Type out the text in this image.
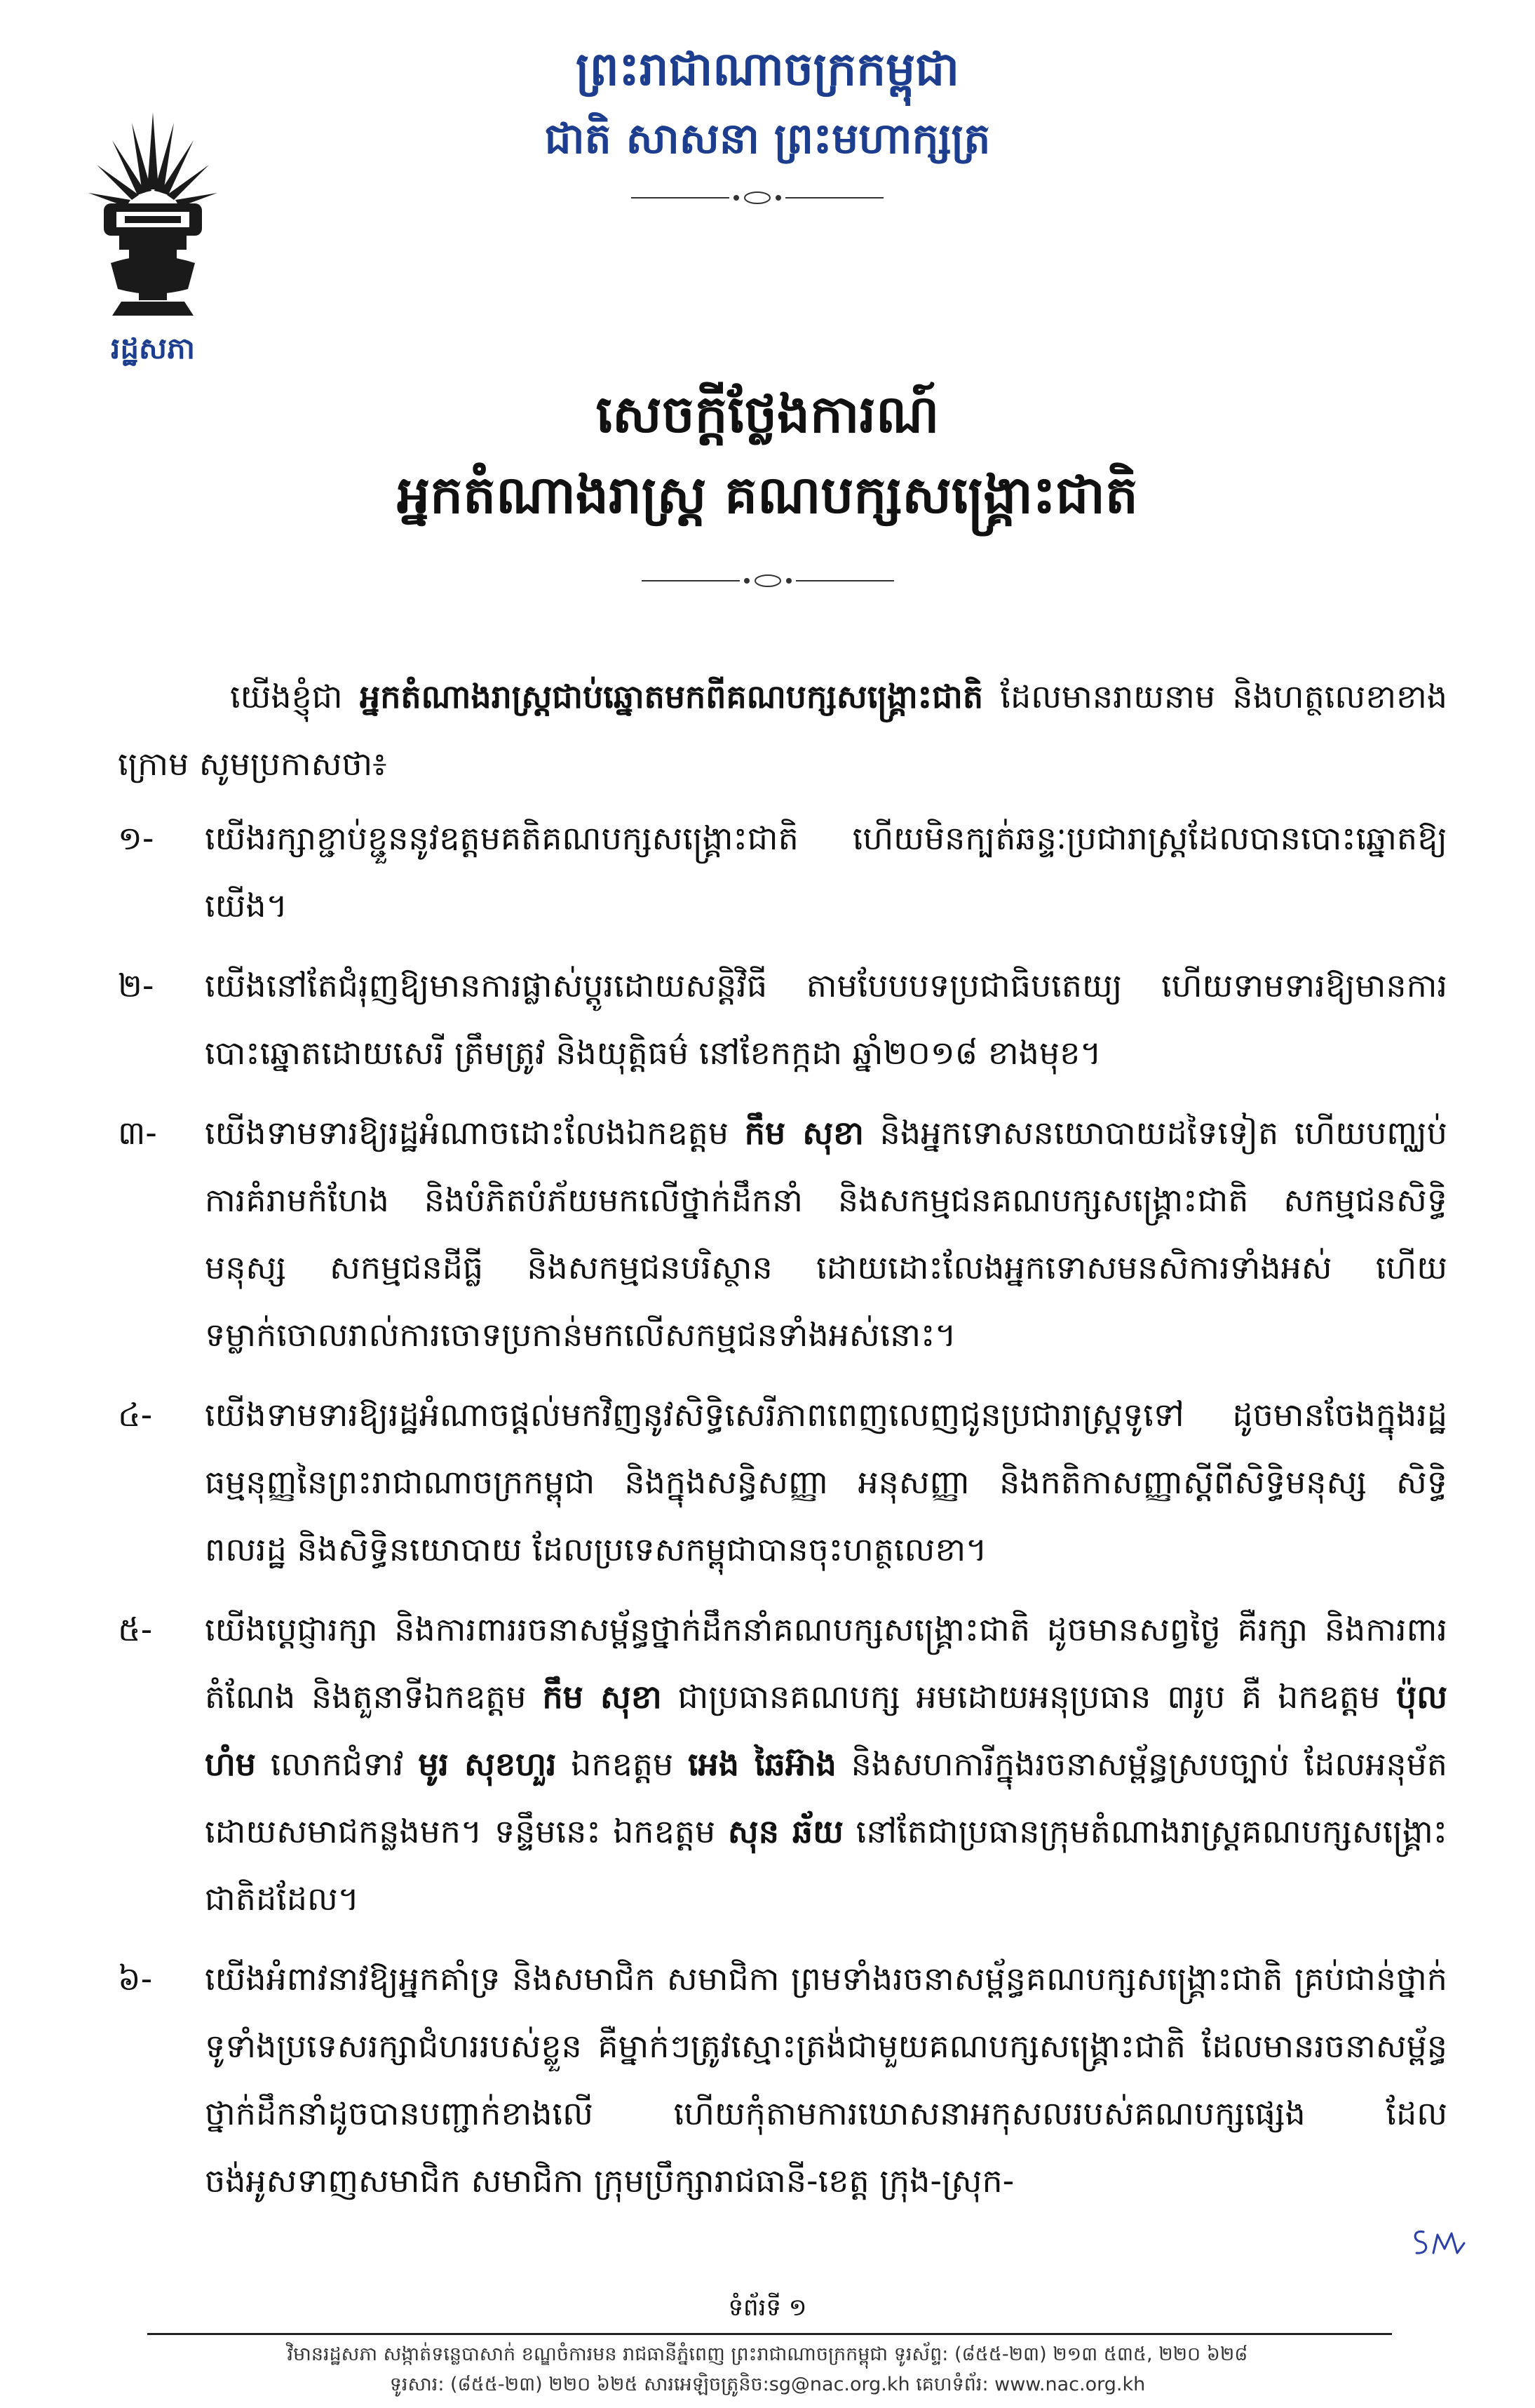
រដ្ឋសភា
ព្រះរាជាណាចក្រកម្ពុជា
ជាតិ សាសនា ព្រះមហាក្សត្រ
សេចក្ដីថ្លែងការណ៍
អ្នកតំណាងរាស្ត្រ គណបក្សសង្គ្រោះជាតិ

យើងខ្ញុំជា អ្នកតំណាងរាស្ត្រជាប់ឆ្នោតមកពីគណបក្សសង្គ្រោះជាតិ ដែលមានរាយនាម និងហត្ថលេខាខាងក្រោម សូមប្រកាសថា៖

១-	យើងរក្សាខ្ជាប់ខ្ជួននូវឧត្ដមគតិគណបក្សសង្គ្រោះជាតិ ហើយមិនក្បត់ឆន្ទៈប្រជារាស្ត្រដែលបានបោះឆ្នោតឱ្យយើង។
២-	យើងនៅតែជំរុញឱ្យមានការផ្លាស់ប្ដូរដោយសន្តិវិធី តាមបែបបទប្រជាធិបតេយ្យ ហើយទាមទារឱ្យមានការបោះឆ្នោតដោយសេរី ត្រឹមត្រូវ និងយុត្តិធម៌ នៅខែកក្កដា ឆ្នាំ២០១៨ ខាងមុខ។
៣-	យើងទាមទារឱ្យរដ្ឋអំណាចដោះលែងឯកឧត្ដម កឹម សុខា និងអ្នកទោសនយោបាយដទៃទៀត ហើយបញ្ឈប់ការគំរាមកំហែង និងបំភិតបំភ័យមកលើថ្នាក់ដឹកនាំ និងសកម្មជនគណបក្សសង្គ្រោះជាតិ សកម្មជនសិទ្ធិមនុស្ស សកម្មជនដីធ្លី និងសកម្មជនបរិស្ថាន ដោយដោះលែងអ្នកទោសមនសិការទាំងអស់ ហើយទម្លាក់ចោលរាល់ការចោទប្រកាន់មកលើសកម្មជនទាំងអស់នោះ។
៤-	យើងទាមទារឱ្យរដ្ឋអំណាចផ្ដល់មកវិញនូវសិទ្ធិសេរីភាពពេញលេញជូនប្រជារាស្ត្រទូទៅ ដូចមានចែងក្នុងរដ្ឋធម្មនុញ្ញនៃព្រះរាជាណាចក្រកម្ពុជា និងក្នុងសន្ធិសញ្ញា អនុសញ្ញា និងកតិកាសញ្ញាស្ដីពីសិទ្ធិមនុស្ស សិទ្ធិពលរដ្ឋ និងសិទ្ធិនយោបាយ ដែលប្រទេសកម្ពុជាបានចុះហត្ថលេខា។
៥-	យើងប្ដេជ្ញារក្សា និងការពាររចនាសម្ព័ន្ធថ្នាក់ដឹកនាំគណបក្សសង្គ្រោះជាតិ ដូចមានសព្វថ្ងៃ គឺរក្សា និងការពារតំណែង និងតួនាទីឯកឧត្ដម កឹម សុខា ជាប្រធានគណបក្ស អមដោយអនុប្រធាន ៣រូប គឺ ឯកឧត្ដម ប៉ុល ហំម លោកជំទាវ មូរ សុខហួរ ឯកឧត្ដម អេង ឆៃអ៊ាង និងសហការីក្នុងរចនាសម្ព័ន្ធស្របច្បាប់ ដែលអនុម័តដោយសមាជកន្លងមក។ ទន្ទឹមនេះ ឯកឧត្ដម សុន ឆ័យ នៅតែជាប្រធានក្រុមតំណាងរាស្ត្រគណបក្សសង្គ្រោះជាតិដដែល។
៦-	យើងអំពាវនាវឱ្យអ្នកគាំទ្រ និងសមាជិក សមាជិកា ព្រមទាំងរចនាសម្ព័ន្ធគណបក្សសង្គ្រោះជាតិ គ្រប់ជាន់ថ្នាក់ទូទាំងប្រទេសរក្សាជំហររបស់ខ្លួន គឺម្នាក់ៗត្រូវស្មោះត្រង់ជាមួយគណបក្សសង្គ្រោះជាតិ ដែលមានរចនាសម្ព័ន្ធថ្នាក់ដឹកនាំដូចបានបញ្ជាក់ខាងលើ ហើយកុំតាមការឃោសនាអកុសលរបស់គណបក្សផ្សេង ដែលចង់អូសទាញសមាជិក សមាជិកា ក្រុមប្រឹក្សារាជធានី-ខេត្ត ក្រុង-ស្រុក-
ទំព័រទី ១
វិមានរដ្ឋសភា សង្កាត់ទន្លេបាសាក់ ខណ្ឌចំការមន រាជធានីភ្នំពេញ ព្រះរាជាណាចក្រកម្ពុជា ទូរស័ព្ទ: (៨៥៥-២៣) ២១៣ ៥៣៥, ២២០ ៦២៨
ទូរសារ: (៨៥៥-២៣) ២២០ ៦២៥ សារអេឡិចត្រូនិច:sg@nac.org.kh គេហទំព័រ: www.nac.org.kh
